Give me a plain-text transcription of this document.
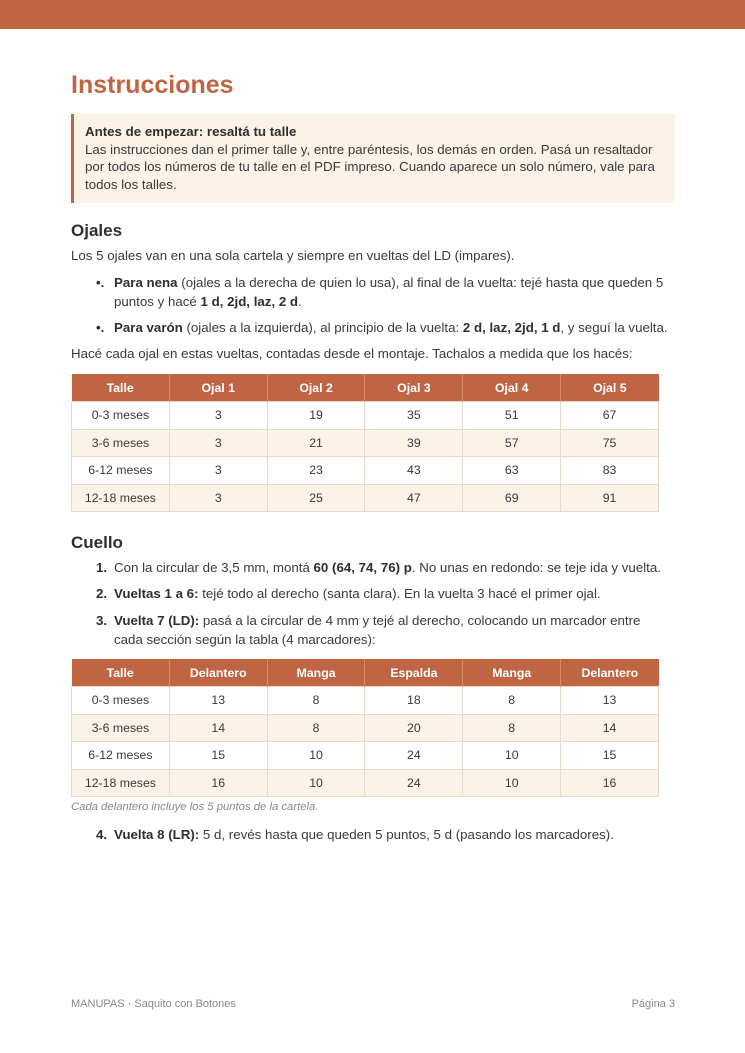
Instrucciones
Antes de empezar: resaltá tu talle
Las instrucciones dan el primer talle y, entre paréntesis, los demás en orden. Pasá un resaltador por todos los números de tu talle en el PDF impreso. Cuando aparece un solo número, vale para todos los talles.
Ojales

Los 5 ojales van en una sola cartela y siempre en vueltas del LD (impares).

•. Para nena (ojales a la derecha de quien lo usa), al final de la vuelta: tejé hasta que queden 5 puntos y hacé 1 d, 2jd, laz, 2 d.
•. Para varón (ojales a la izquierda), al principio de la vuelta: 2 d, laz, 2jd, 1 d, y seguí la vuelta.

Hacé cada ojal en estas vueltas, contadas desde el montaje. Tachalos a medida que los hacés:

Talle	Ojal 1	Ojal 2	Ojal 3	Ojal 4	Ojal 5
0-3 meses	3	19	35	51	67
3-6 meses	3	21	39	57	75
6-12 meses	3	23	43	63	83
12-18 meses	3	25	47	69	91
Cuello
1. Con la circular de 3,5 mm, montá 60 (64, 74, 76) p. No unas en redondo: se teje ida y vuelta.
2. Vueltas 1 a 6: tejé todo al derecho (santa clara). En la vuelta 3 hacé el primer ojal.
3. Vuelta 7 (LD): pasá a la circular de 4 mm y tejé al derecho, colocando un marcador entre cada sección según la tabla (4 marcadores):
Talle	Delantero	Manga	Espalda	Manga	Delantero
0-3 meses	13	8	18	8	13
3-6 meses	14	8	20	8	14
6-12 meses	15	10	24	10	15
12-18 meses	16	10	24	10	16
Cada delantero incluye los 5 puntos de la cartela.
4. Vuelta 8 (LR): 5 d, revés hasta que queden 5 puntos, 5 d (pasando los marcadores).
MANUPAS · Saquito con Botones	Página 3
